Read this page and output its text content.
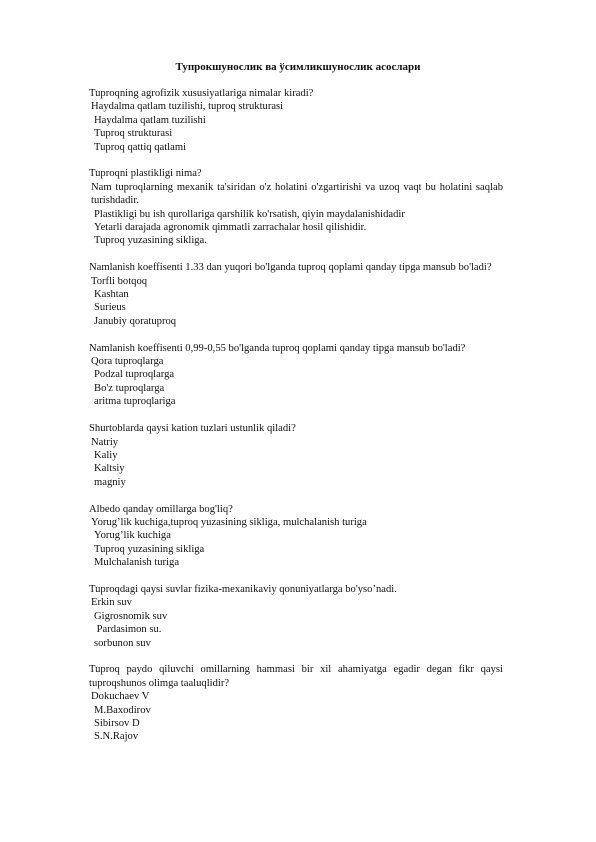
Тупрокшунослик ва ўсимликшунослик асослари
Tuproqning agrofizik xususiyatlariga nimalar kiradi?
Haydalma qatlam tuzilishi, tuproq strukturasi
Haydalma qatlam tuzilishi
Tuproq strukturasi
Tuproq qattiq qatlami
Tuproqni plastikligi nima?
Nam tuproqlarning mexanik ta'siridan o'z holatini o'zgartirishi va uzoq vaqt bu holatini saqlab turishdadir.
Plastikligi bu ish qurollariga qarshilik ko'rsatish, qiyin maydalanishidadir
Yetarli darajada agronomik qimmatli zarrachalar hosil qilishidir.
Tuproq yuzasining sikliga.
Namlanish koeffisenti 1.33 dan yuqori bo'lganda tuproq qoplami qanday tipga mansub bo'ladi?
Torfli botqoq
Kashtan
Surieus
Janubiy qoratuproq
Namlanish koeffisenti 0,99-0,55 bo'lganda tuproq qoplami qanday tipga mansub bo'ladi?
Qora tuproqlarga
Podzal tuproqlarga
Bo'z tuproqlarga
aritma tuproqlariga
Shurtoblarda qaysi kation tuzlari ustunlik qiladi?
Natriy
Kaliy
Kaltsiy
magniy
Albedo qanday omillarga bog'liq?
Yorug’lik kuchiga,tuproq yuzasining sikliga, mulchalanish turiga
Yorug’lik kuchiga
Tuproq yuzasining sikliga
Mulchalanish turiga
Tuproqdagi qaysi suvlar fizika-mexanikaviy qonuniyatlarga bo'yso’nadi.
Erkin suv
Gigrosnomik suv
Pardasimon su.
sorbunon suv
Tuproq paydo qiluvchi omillarning hammasi bir xil ahamiyatga egadir degan fikr qaysi tuproqshunos olimga taaluqlidir?
Dokuchaev V
M.Baxodirov
Sibirsov D
S.N.Rajov
